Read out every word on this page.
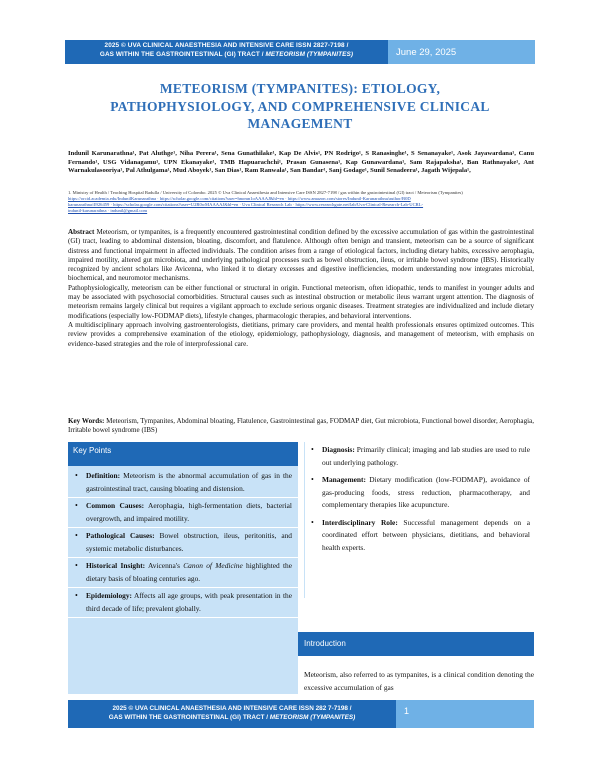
2025 © UVA CLINICAL ANAESTHESIA AND INTENSIVE CARE ISSN 2827-7198 /
GAS WITHIN THE GASTROINTESTINAL (GI) TRACT / METEORISM (TYMPANITES)	June 29, 2025
METEORISM (TYMPANITES): ETIOLOGY, PATHOPHYSIOLOGY, AND COMPREHENSIVE CLINICAL MANAGEMENT
Indunil Karunarathna¹, Pat Aluthge¹, Niha Perera¹, Sena Gunathilake¹, Kap De Alvis¹, PN Rodrigo¹, S Ranasinghe¹, S Senanayake¹, Asok Jayawardana¹, Canu Fernando¹, USG Vidanagamu¹, UPN Ekanayake¹, TMB Hapuarachchi¹, Prasan Gunasena¹, Kap Gunawardana¹, Sam Rajapaksha¹, Ban Rathnayake¹, Ant Warnakulasooriya¹, Pal Athulgama¹, Mud Aboyek¹, San Dias¹, Ram Ranwala¹, San Bandar¹, Sanj Godage¹, Sunil Senadeera¹, Jagath Wijepala¹,
1. Ministry of Health / Teaching Hospital Badulla / University of Colombo. 2025 © Uva Clinical Anaesthesia and Intensive Care ISSN 2827-7198 / gas within the gastrointestinal (GI) tract / Meteorism (Tympanites)
https://orcid.academia.edu/IndunilKarunarathna · https://scholar.google.com/citations?user=hnomn1oAAAAJ&hl=en · https://www.amazon.com/stores/Indunil-Karunarathna/author/B0D
karunarathna/4926459 · https://scholar.google.com/citations?user=U2R0wMAAAAJ&hl=en · Uva Clinical Research Lab · https://www.researchgate.net/lab/Uva-Clinical-Research-Lab-UCRL-
indunil-karunarathna · indunil@gmail.com

Abstract Meteorism, or tympanites, is a frequently encountered gastrointestinal condition defined by the excessive accumulation of gas within the gastrointestinal (GI) tract, leading to abdominal distension, bloating, discomfort, and flatulence. Although often benign and transient, meteorism can be a source of significant distress and functional impairment in affected individuals. The condition arises from a range of etiological factors, including dietary habits, excessive aerophagia, impaired motility, altered gut microbiota, and underlying pathological processes such as bowel obstruction, ileus, or irritable bowel syndrome (IBS). Historically recognized by ancient scholars like Avicenna, who linked it to dietary excesses and digestive inefficiencies, modern understanding now integrates microbial, biochemical, and neuromotor mechanisms.

Pathophysiologically, meteorism can be either functional or structural in origin. Functional meteorism, often idiopathic, tends to manifest in younger adults and may be associated with psychosocial comorbidities. Structural causes such as intestinal obstruction or metabolic ileus warrant urgent attention. The diagnosis of meteorism remains largely clinical but requires a vigilant approach to exclude serious organic diseases. Treatment strategies are individualized and include dietary modifications (especially low-FODMAP diets), lifestyle changes, pharmacologic therapies, and behavioral interventions.

A multidisciplinary approach involving gastroenterologists, dietitians, primary care providers, and mental health professionals ensures optimized outcomes. This review provides a comprehensive examination of the etiology, epidemiology, pathophysiology, diagnosis, and management of meteorism, with emphasis on evidence-based strategies and the role of interprofessional care.

Key Words: Meteorism, Tympanites, Abdominal bloating, Flatulence, Gastrointestinal gas, FODMAP diet, Gut microbiota, Functional bowel disorder, Aerophagia, Irritable bowel syndrome (IBS)
Key Points
• Definition: Meteorism is the abnormal accumulation of gas in the gastrointestinal tract, causing bloating and distension.
• Common Causes: Aerophagia, high-fermentation diets, bacterial overgrowth, and impaired motility.
• Pathological Causes: Bowel obstruction, ileus, peritonitis, and systemic metabolic disturbances.
• Historical Insight: Avicenna's Canon of Medicine highlighted the dietary basis of bloating centuries ago.
• Epidemiology: Affects all age groups, with peak presentation in the third decade of life; prevalent globally.
• Diagnosis: Primarily clinical; imaging and lab studies are used to rule out underlying pathology.
• Management: Dietary modification (low-FODMAP), avoidance of gas-producing foods, stress reduction, pharmacotherapy, and complementary therapies like acupuncture.
• Interdisciplinary Role: Successful management depends on a coordinated effort between physicians, dietitians, and behavioral health experts.
Introduction
Meteorism, also referred to as tympanites, is a clinical condition denoting the excessive accumulation of gas
2025 © UVA CLINICAL ANAESTHESIA AND INTENSIVE CARE ISSN 282 7-7198 /
GAS WITHIN THE GASTROINTESTINAL (GI) TRACT / METEORISM (TYMPANITES)
1
